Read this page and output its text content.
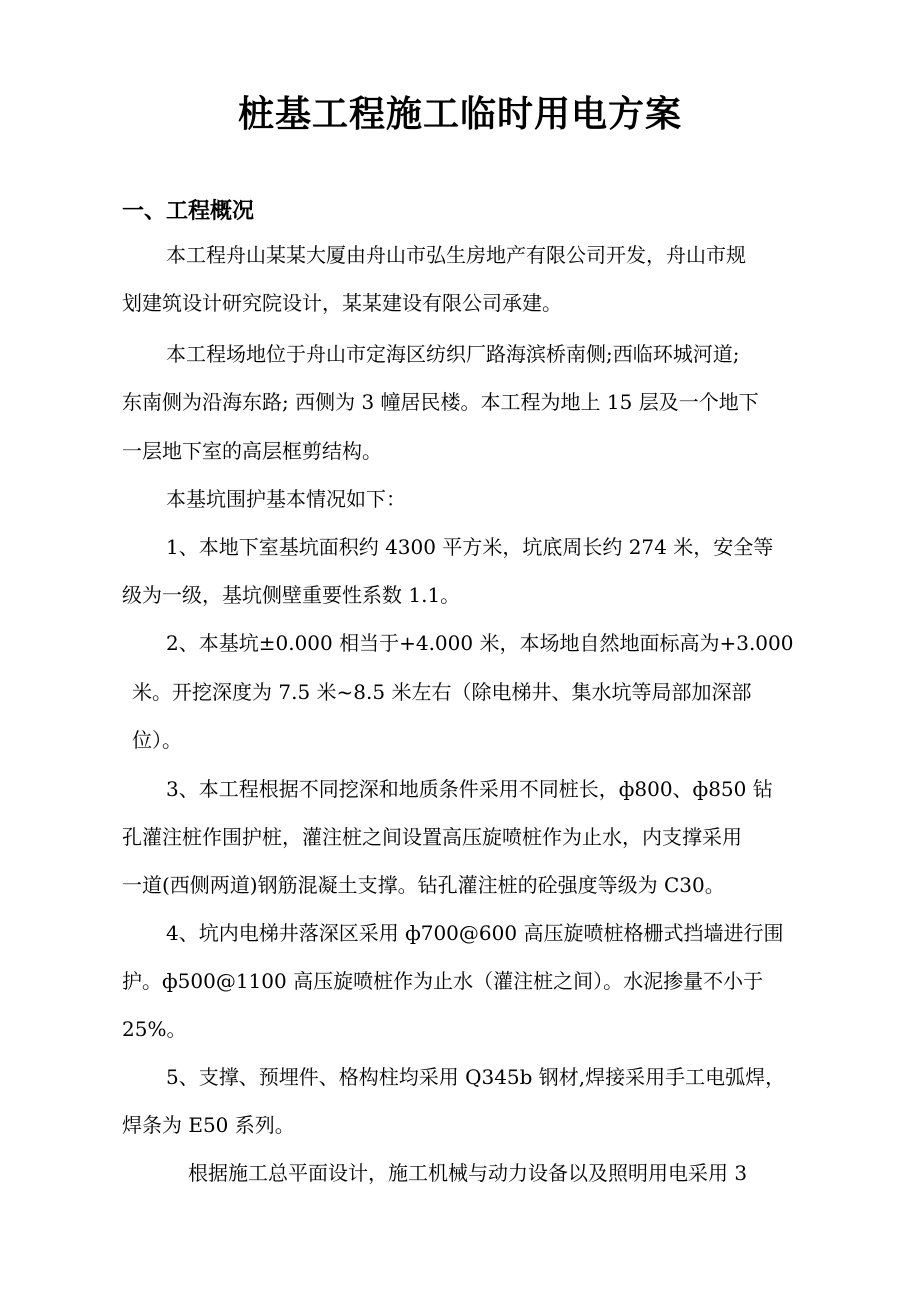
桩基工程施工临时用电方案
一、工程概况

本工程舟山某某大厦由舟山市弘生房地产有限公司开发，舟山市规

划建筑设计研究院设计，某某建设有限公司承建。

本工程场地位于舟山市定海区纺织厂路海滨桥南侧;西临环城河道;

东南侧为沿海东路; 西侧为 3 幢居民楼。本工程为地上 15 层及一个地下

一层地下室的高层框剪结构。

本基坑围护基本情况如下：

1、本地下室基坑面积约 4300 平方米，坑底周长约 274 米，安全等

级为一级，基坑侧壁重要性系数 1.1。

2、本基坑±0.000 相当于+4.000 米，本场地自然地面标高为+3.000

米。开挖深度为 7.5 米~8.5 米左右（除电梯井、集水坑等局部加深部

位）。

3、本工程根据不同挖深和地质条件采用不同桩长，ф800、ф850 钻

孔灌注桩作围护桩，灌注桩之间设置高压旋喷桩作为止水，内支撑采用

一道(西侧两道)钢筋混凝土支撑。钻孔灌注桩的砼强度等级为 C30。

4、坑内电梯井落深区采用 ф700@600 高压旋喷桩格栅式挡墙进行围

护。ф500@1100 高压旋喷桩作为止水（灌注桩之间）。水泥掺量不小于

25%。

5、支撑、预埋件、格构柱均采用 Q345b 钢材,焊接采用手工电弧焊，

焊条为 E50 系列。

根据施工总平面设计，施工机械与动力设备以及照明用电采用 3
